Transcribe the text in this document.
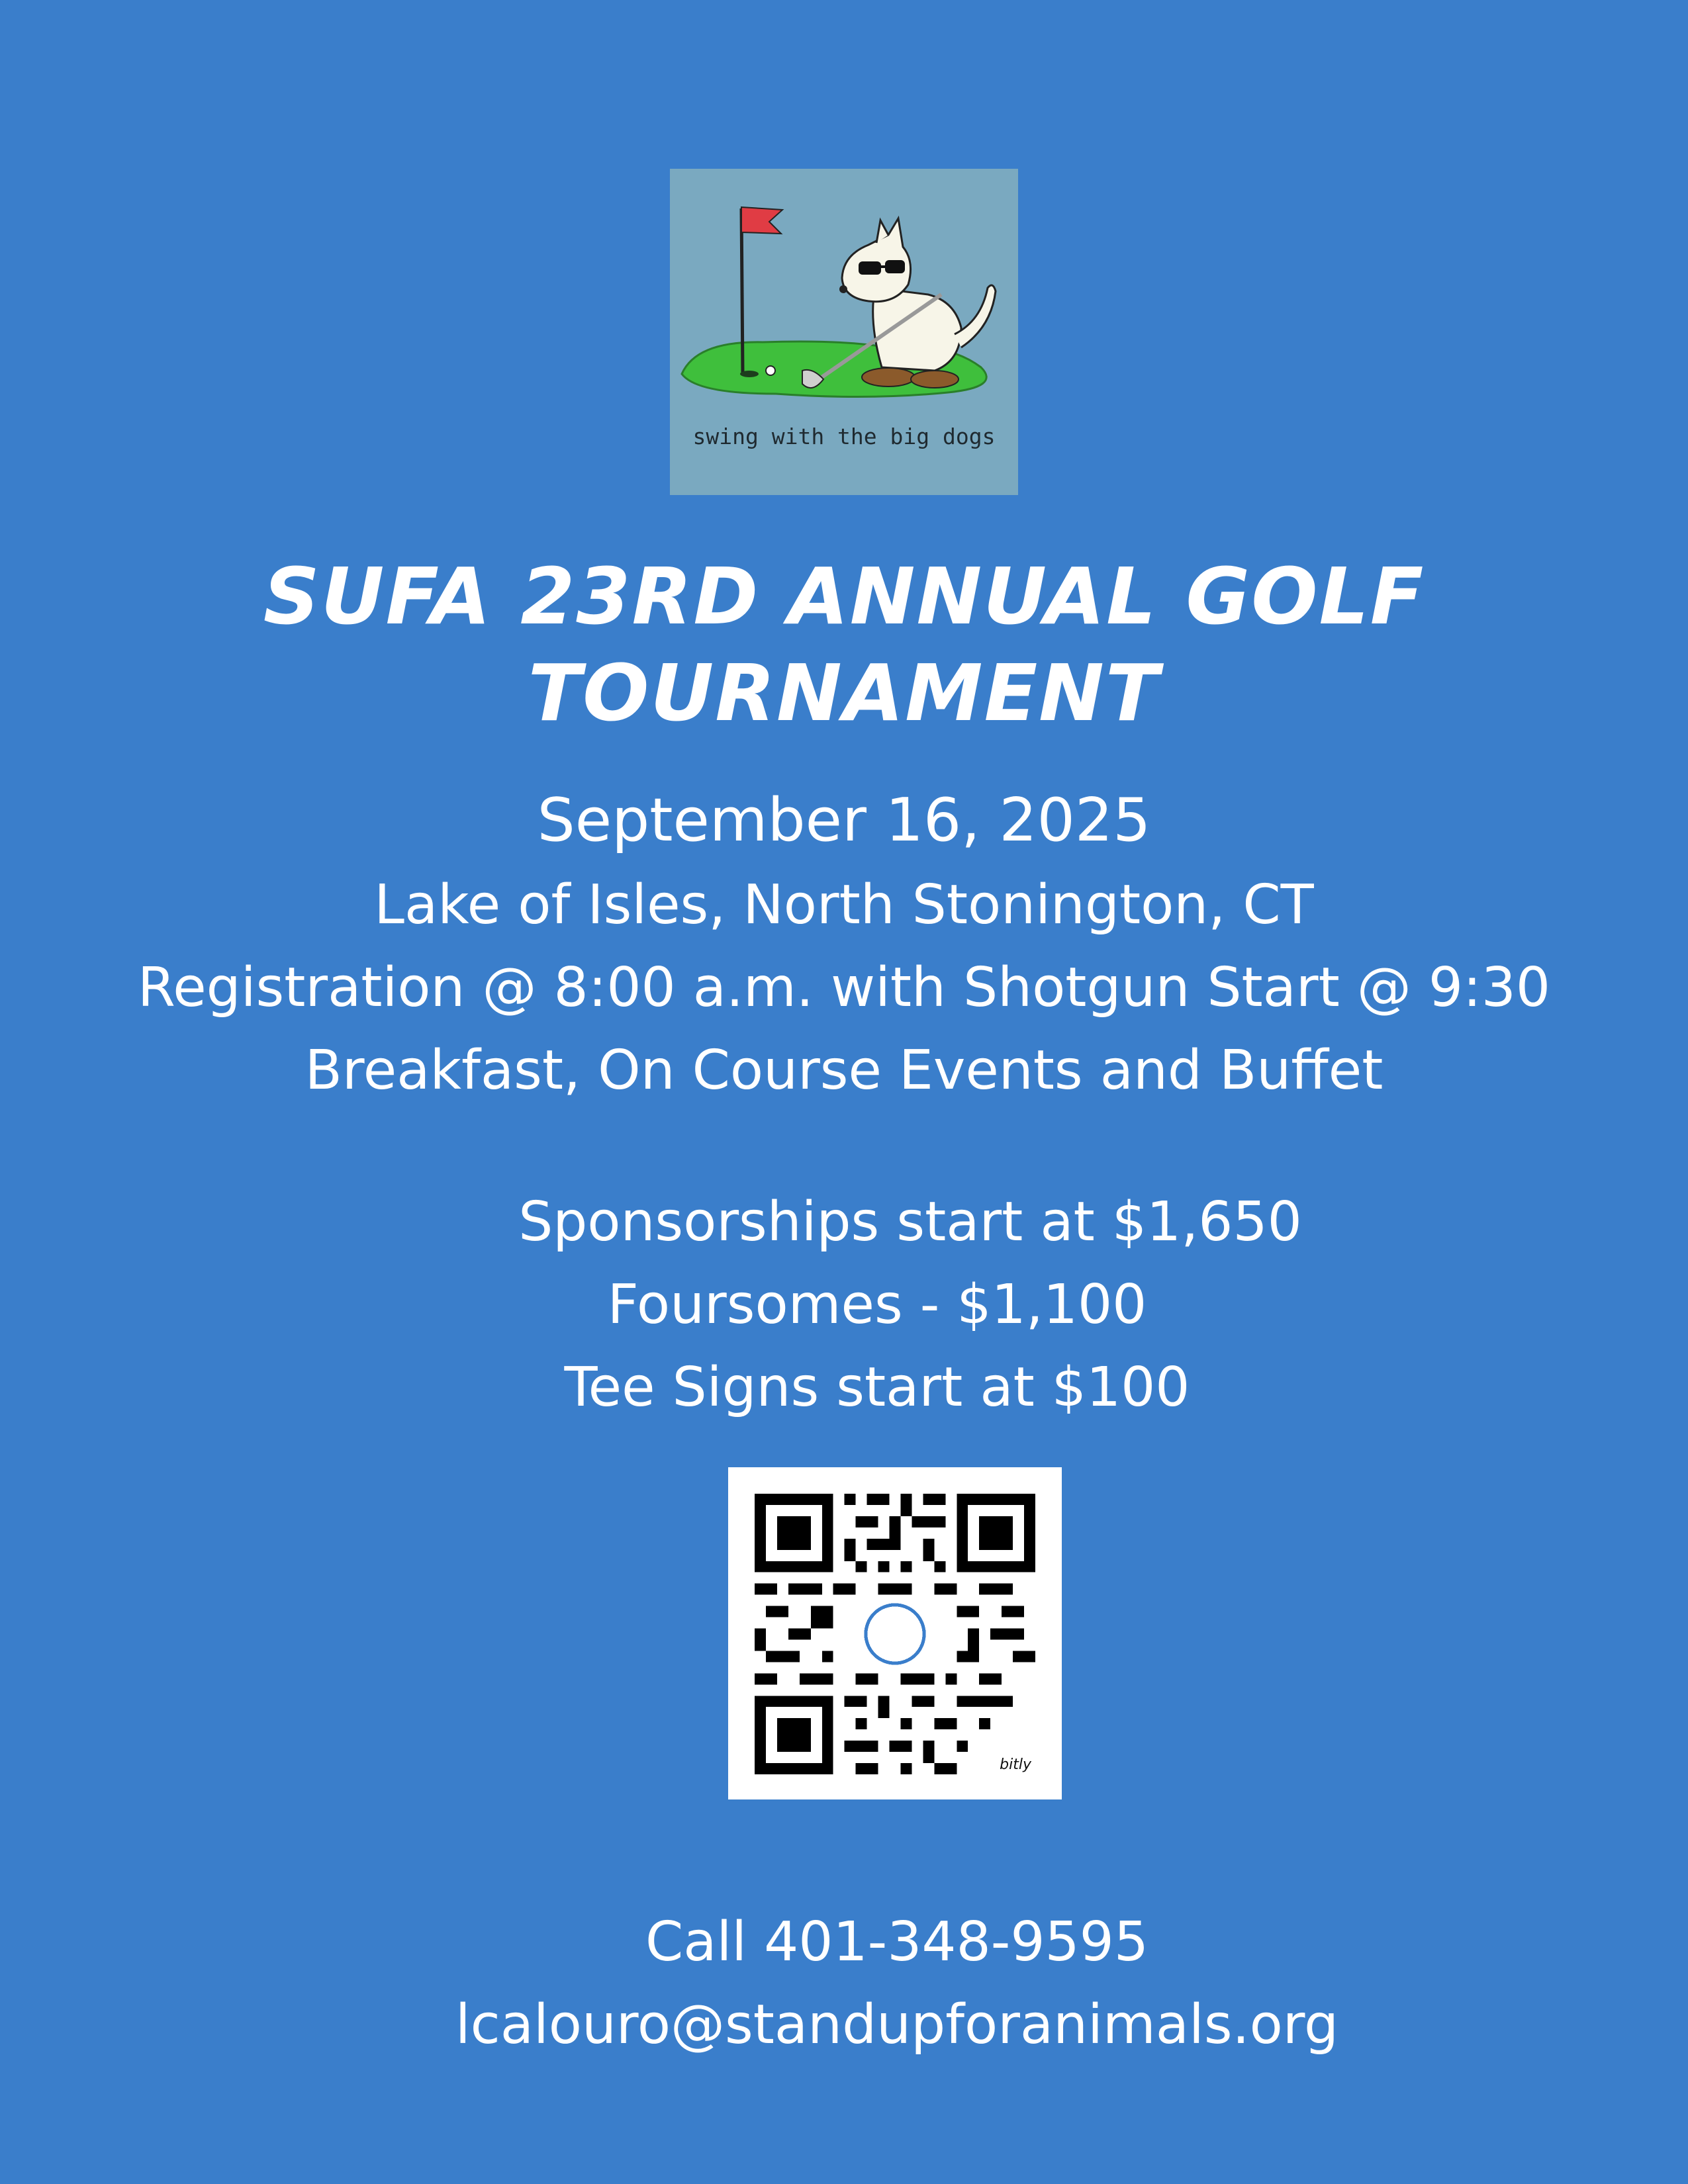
swing with the big dogs
SUFA 23RD ANNUAL GOLF
TOURNAMENT
September 16, 2025
Lake of Isles, North Stonington, CT
Registration @ 8:00 a.m. with Shotgun Start @ 9:30
Breakfast, On Course Events and Buffet
Sponsorships start at $1,650
Foursomes - $1,100
Tee Signs start at $100
bitly
Call 401-348-9595
lcalouro@standupforanimals.org
